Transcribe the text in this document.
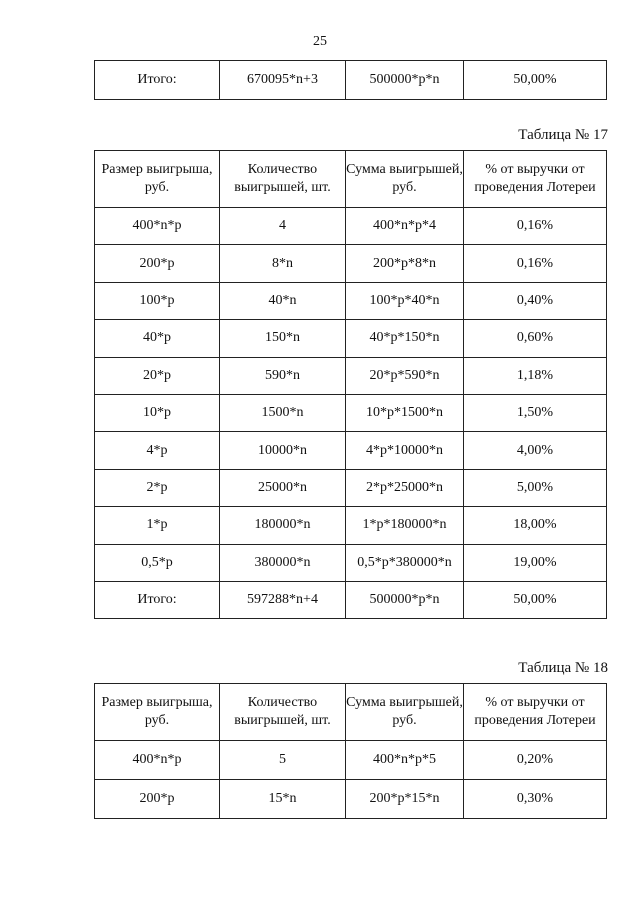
25
Итого:	670095*n+3	500000*p*n	50,00%
Таблица № 17
Размер выигрыша, руб.	Количество выигрышей, шт.	Сумма выигрышей, руб.	% от выручки от проведения Лотереи
400*n*p	4	400*n*p*4	0,16%
200*p	8*n	200*p*8*n	0,16%
100*p	40*n	100*p*40*n	0,40%
40*p	150*n	40*p*150*n	0,60%
20*p	590*n	20*p*590*n	1,18%
10*p	1500*n	10*p*1500*n	1,50%
4*p	10000*n	4*p*10000*n	4,00%
2*p	25000*n	2*p*25000*n	5,00%
1*p	180000*n	1*p*180000*n	18,00%
0,5*p	380000*n	0,5*p*380000*n	19,00%
Итого:	597288*n+4	500000*p*n	50,00%
Таблица № 18
Размер выигрыша, руб.	Количество выигрышей, шт.	Сумма выигрышей, руб.	% от выручки от проведения Лотереи
400*n*p	5	400*n*p*5	0,20%
200*p	15*n	200*p*15*n	0,30%
